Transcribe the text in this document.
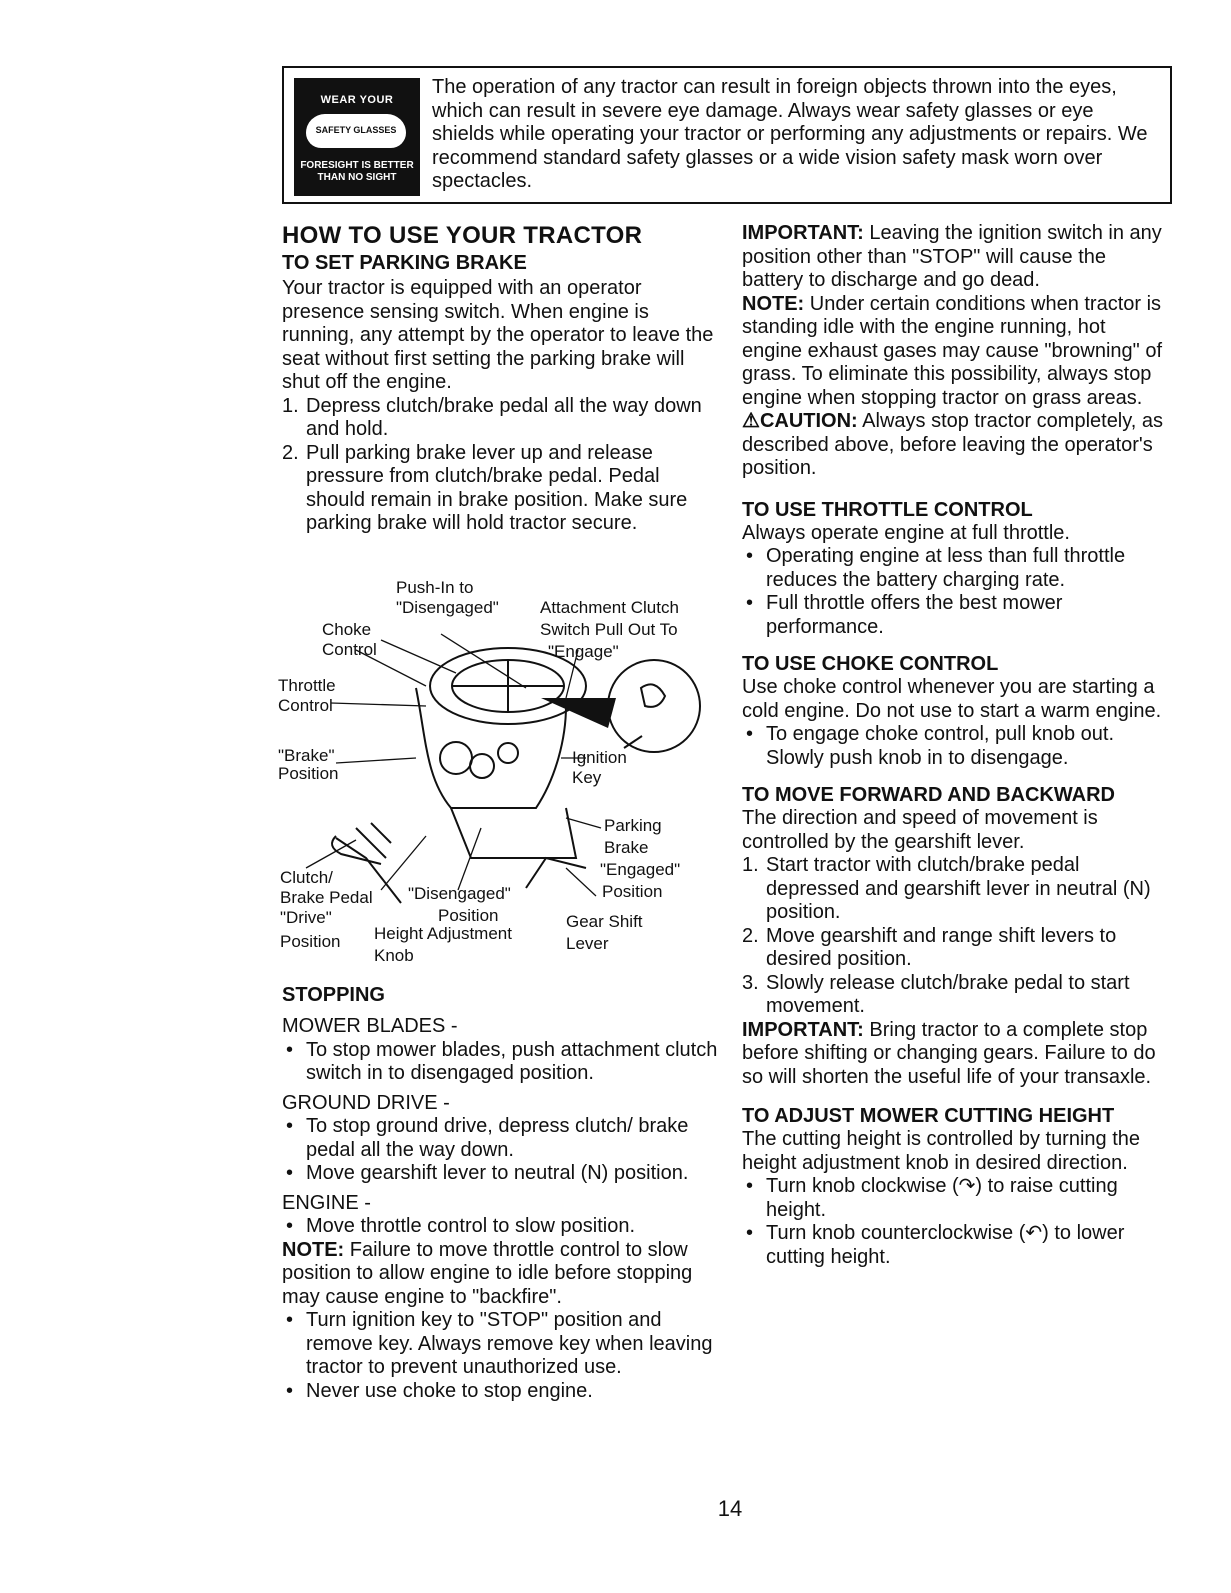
WEAR YOUR
SAFETY GLASSES
FORESIGHT IS BETTER THAN NO SIGHT
The operation of any tractor can result in foreign objects thrown into the eyes, which can result in severe eye damage. Always wear safety glasses or eye shields while operating your tractor or performing any adjustments or repairs. We recommend standard safety glasses or a wide vision safety mask worn over spectacles.
HOW TO USE YOUR TRACTOR
TO SET PARKING BRAKE

Your tractor is equipped with an operator presence sensing switch. When engine is running, any attempt by the operator to leave the seat without first setting the parking brake will shut off the engine.

1. Depress clutch/brake pedal all the way down and hold.
2. Pull parking brake lever up and release pressure from clutch/brake pedal. Pedal should remain in brake position. Make sure parking brake will hold tractor secure.
Push-In to
"Disengaged" Attachment Clutch
Switch Pull Out To
"Engage"
Choke
Control
Throttle
Control
"Brake"
Position
Ignition
Key
Parking
Brake
"Engaged"
Position
Clutch/
Brake Pedal
"Drive"
Position
"Disengaged"
Position
Height Adjustment
Knob
Gear Shift
Lever
STOPPING

MOWER BLADES -

• To stop mower blades, push attachment clutch switch in to disengaged position.

GROUND DRIVE -

• To stop ground drive, depress clutch/ brake pedal all the way down.
• Move gearshift lever to neutral (N) position.

ENGINE -

• Move throttle control to slow position.

NOTE: Failure to move throttle control to slow position to allow engine to idle before stopping may cause engine to "backfire".

• Turn ignition key to "STOP" position and remove key. Always remove key when leaving tractor to prevent unauthorized use.
• Never use choke to stop engine.

IMPORTANT: Leaving the ignition switch in any position other than "STOP" will cause the battery to discharge and go dead.

NOTE: Under certain conditions when tractor is standing idle with the engine running, hot engine exhaust gases may cause "browning" of grass. To eliminate this possibility, always stop engine when stopping tractor on grass areas.

⚠CAUTION: Always stop tractor completely, as described above, before leaving the operator's position.

TO USE THROTTLE CONTROL

Always operate engine at full throttle.

• Operating engine at less than full throttle reduces the battery charging rate.
• Full throttle offers the best mower performance.
TO USE CHOKE CONTROL

Use choke control whenever you are starting a cold engine. Do not use to start a warm engine.

• To engage choke control, pull knob out. Slowly push knob in to disengage.
TO MOVE FORWARD AND BACKWARD

The direction and speed of movement is controlled by the gearshift lever.

1. Start tractor with clutch/brake pedal depressed and gearshift lever in neutral (N) position.
2. Move gearshift and range shift levers to desired position.
3. Slowly release clutch/brake pedal to start movement.

IMPORTANT: Bring tractor to a complete stop before shifting or changing gears. Failure to do so will shorten the useful life of your transaxle.

TO ADJUST MOWER CUTTING HEIGHT

The cutting height is controlled by turning the height adjustment knob in desired direction.

• Turn knob clockwise (↷) to raise cutting height.
• Turn knob counterclockwise (↶) to lower cutting height.
14
